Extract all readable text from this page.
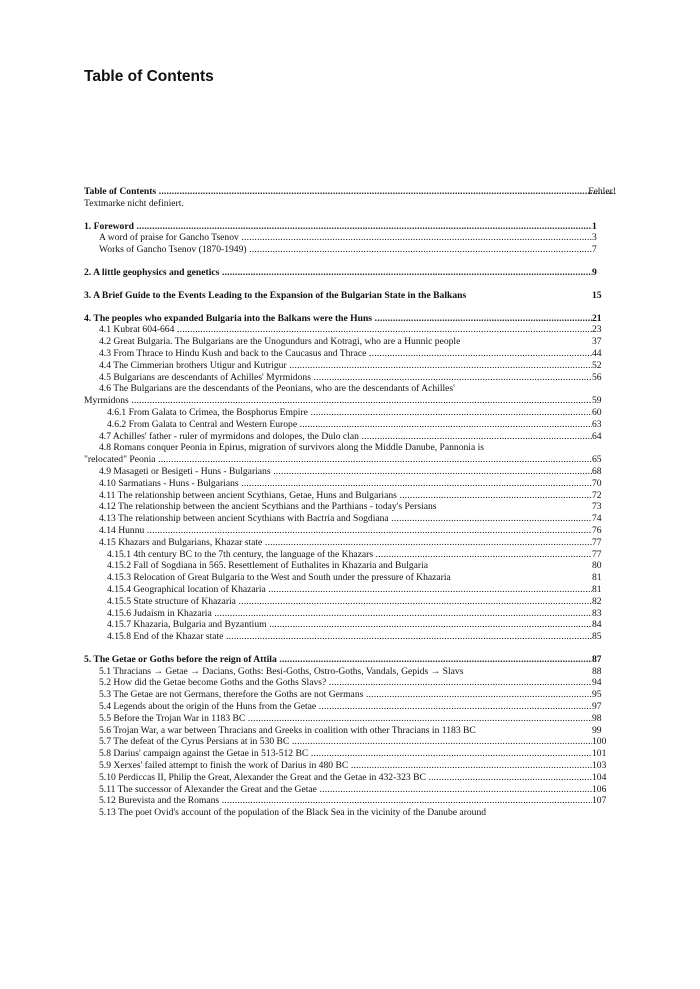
Table of Contents
Table of Contents .....	Fehler!
Textmarke nicht definiert.
1. Foreword .....	1
A word of praise for Gancho Tsenov .....	3
Works of Gancho Tsenov (1870-1949) .....	7
2. A little geophysics and genetics .....	9
3. A Brief Guide to the Events Leading to the Expansion of the Bulgarian State in the Balkans	15
4. The peoples who expanded Bulgaria into the Balkans were the Huns .....	21
4.1 Kubrat 604-664 .....	23
4.2 Great Bulgaria. The Bulgarians are the Unogundurs and Kotragi, who are a Hunnic people	37
4.3 From Thrace to Hindu Kush and back to the Caucasus and Thrace .....	44
4.4 The Cimmerian brothers Utigur and Kutrigur .....	52
4.5 Bulgarians are descendants of Achilles' Myrmidons .....	56
4.6 The Bulgarians are the descendants of the Peonians, who are the descendants of Achilles'
Myrmidons .....	59
4.6.1 From Galata to Crimea, the Bosphorus Empire .....	60
4.6.2 From Galata to Central and Western Europe .....	63
4.7 Achilles' father - ruler of myrmidons and dolopes, the Dulo clan .....	64
4.8 Romans conquer Peonia in Epirus, migration of survivors along the Middle Danube, Pannonia is
"relocated" Peonia .....	65
4.9 Masageti or Besigeti - Huns - Bulgarians .....	68
4.10 Sarmatians - Huns - Bulgarians .....	70
4.11 The relationship between ancient Scythians, Getae, Huns and Bulgarians .....	72
4.12 The relationship between the ancient Scythians and the Parthians - today's Persians	73
4.13 The relationship between ancient Scythians with Bactria and Sogdiana .....	74
4.14 Hunnu .....	76
4.15 Khazars and Bulgarians, Khazar state .....	77
4.15.1 4th century BC to the 7th century, the language of the Khazars .....	77
4.15.2 Fall of Sogdiana in 565. Resettlement of Euthalites in Khazaria and Bulgaria	80
4.15.3 Relocation of Great Bulgaria to the West and South under the pressure of Khazaria	81
4.15.4 Geographical location of Khazaria .....	81
4.15.5 State structure of Khazaria .....	82
4.15.6 Judaism in Khazaria .....	83
4.15.7 Khazaria, Bulgaria and Byzantium .....	84
4.15.8 End of the Khazar state .....	85
5. The Getae or Goths before the reign of Attila .....	87
5.1 Thracians → Getae → Dacians, Goths: Besi-Goths, Ostro-Goths, Vandals, Gepids → Slavs	88
5.2 How did the Getae become Goths and the Goths Slavs? .....	94
5.3 The Getae are not Germans, therefore the Goths are not Germans .....	95
5.4 Legends about the origin of the Huns from the Getae .....	97
5.5 Before the Trojan War in 1183 BC .....	98
5.6 Trojan War, a war between Thracians and Greeks in coalition with other Thracians in 1183 BC	99
5.7 The defeat of the Cyrus Persians at in 530 BC .....	100
5.8 Darius' campaign against the Getae in 513-512 BC .....	101
5.9 Xerxes' failed attempt to finish the work of Darius in 480 BC .....	103
5.10 Perdiccas II, Philip the Great, Alexander the Great and the Getae in 432-323 BC .....	104
5.11 The successor of Alexander the Great and the Getae .....	106
5.12 Burevista and the Romans .....	107
5.13 The poet Ovid's account of the population of the Black Sea in the vicinity of the Danube around
